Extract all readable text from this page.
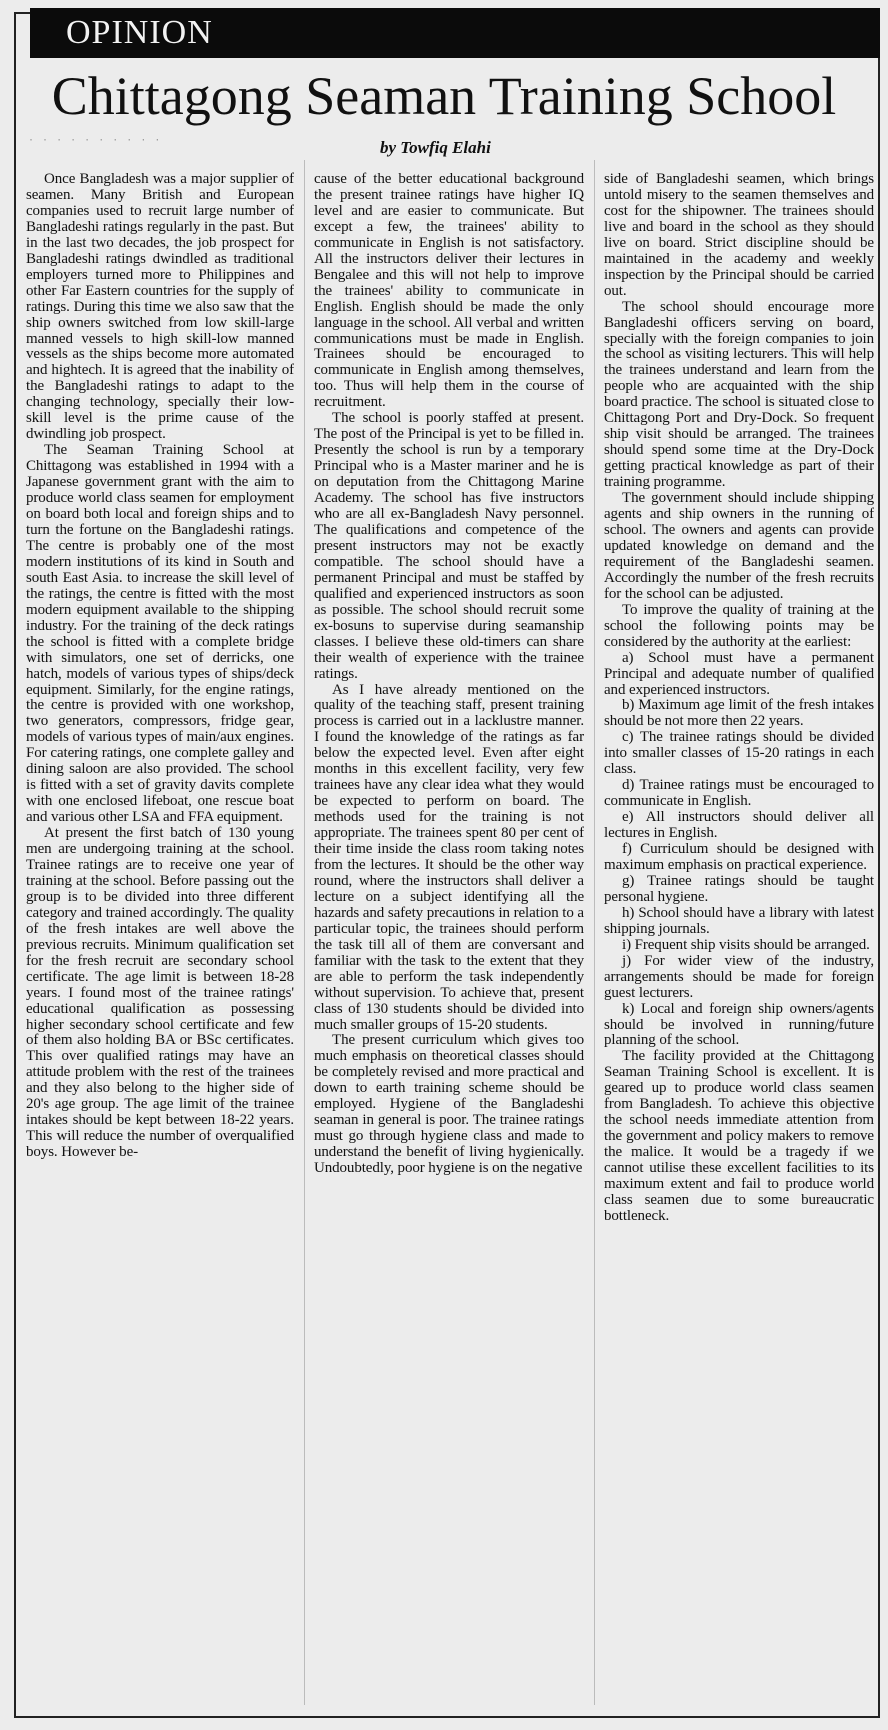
OPINION
Chittagong Seaman Training School
· · · · · · · · · ·	by Towfiq Elahi

Once Bangladesh was a major supplier of seamen. Many British and European companies used to recruit large number of Bangladeshi ratings regularly in the past. But in the last two decades, the job prospect for Bangladeshi ratings dwindled as traditional employers turned more to Philippines and other Far Eastern countries for the supply of ratings. During this time we also saw that the ship owners switched from low skill-large manned vessels to high skill-low manned vessels as the ships become more automated and hightech. It is agreed that the inability of the Bangladeshi ratings to adapt to the changing technology, specially their low-skill level is the prime cause of the dwindling job prospect.

The Seaman Training School at Chittagong was established in 1994 with a Japanese government grant with the aim to produce world class seamen for employment on board both local and foreign ships and to turn the fortune on the Bangladeshi ratings. The centre is probably one of the most modern institutions of its kind in South and south East Asia. to increase the skill level of the ratings, the centre is fitted with the most modern equipment available to the shipping industry. For the training of the deck ratings the school is fitted with a complete bridge with simulators, one set of derricks, one hatch, models of various types of ships/deck equipment. Similarly, for the engine ratings, the centre is provided with one workshop, two generators, compressors, fridge gear, models of various types of main/aux engines. For catering ratings, one complete galley and dining saloon are also provided. The school is fitted with a set of gravity davits complete with one enclosed lifeboat, one rescue boat and various other LSA and FFA equipment.

At present the first batch of 130 young men are undergoing training at the school. Trainee ratings are to receive one year of training at the school. Before passing out the group is to be divided into three different category and trained accordingly. The quality of the fresh intakes are well above the previous recruits. Minimum qualification set for the fresh recruit are secondary school certificate. The age limit is between 18-28 years. I found most of the trainee ratings' educational qualification as possessing higher secondary school certificate and few of them also holding BA or BSc certificates. This over qualified ratings may have an attitude problem with the rest of the trainees and they also belong to the higher side of 20's age group. The age limit of the trainee intakes should be kept between 18-22 years. This will reduce the number of overqualified boys. However be-

cause of the better educational background the present trainee ratings have higher IQ level and are easier to communicate. But except a few, the trainees' ability to communicate in English is not satisfactory. All the instructors deliver their lectures in Bengalee and this will not help to improve the trainees' ability to communicate in English. English should be made the only language in the school. All verbal and written communications must be made in English. Trainees should be encouraged to communicate in English among themselves, too. Thus will help them in the course of recruitment.

The school is poorly staffed at present. The post of the Principal is yet to be filled in. Presently the school is run by a temporary Principal who is a Master mariner and he is on deputation from the Chittagong Marine Academy. The school has five instructors who are all ex-Bangladesh Navy personnel. The qualifications and competence of the present instructors may not be exactly compatible. The school should have a permanent Principal and must be staffed by qualified and experienced instructors as soon as possible. The school should recruit some ex-bosuns to supervise during seamanship classes. I believe these old-timers can share their wealth of experience with the trainee ratings.

As I have already mentioned on the quality of the teaching staff, present training process is carried out in a lacklustre manner. I found the knowledge of the ratings as far below the expected level. Even after eight months in this excellent facility, very few trainees have any clear idea what they would be expected to perform on board. The methods used for the training is not appropriate. The trainees spent 80 per cent of their time inside the class room taking notes from the lectures. It should be the other way round, where the instructors shall deliver a lecture on a subject identifying all the hazards and safety precautions in relation to a particular topic, the trainees should perform the task till all of them are conversant and familiar with the task to the extent that they are able to perform the task independently without supervision. To achieve that, present class of 130 students should be divided into much smaller groups of 15-20 students.

The present curriculum which gives too much emphasis on theoretical classes should be completely revised and more practical and down to earth training scheme should be employed. Hygiene of the Bangladeshi seaman in general is poor. The trainee ratings must go through hygiene class and made to understand the benefit of living hygienically. Undoubtedly, poor hygiene is on the negative

side of Bangladeshi seamen, which brings untold misery to the seamen themselves and cost for the shipowner. The trainees should live and board in the school as they should live on board. Strict discipline should be maintained in the academy and weekly inspection by the Principal should be carried out.

The school should encourage more Bangladeshi officers serving on board, specially with the foreign companies to join the school as visiting lecturers. This will help the trainees understand and learn from the people who are acquainted with the ship board practice. The school is situated close to Chittagong Port and Dry-Dock. So frequent ship visit should be arranged. The trainees should spend some time at the Dry-Dock getting practical knowledge as part of their training programme.

The government should include shipping agents and ship owners in the running of school. The owners and agents can provide updated knowledge on demand and the requirement of the Bangladeshi seamen. Accordingly the number of the fresh recruits for the school can be adjusted.

To improve the quality of training at the school the following points may be considered by the authority at the earliest:

a) School must have a permanent Principal and adequate number of qualified and experienced instructors.

b) Maximum age limit of the fresh intakes should be not more then 22 years.

c) The trainee ratings should be divided into smaller classes of 15-20 ratings in each class.

d) Trainee ratings must be encouraged to communicate in English.

e) All instructors should deliver all lectures in English.

f) Curriculum should be designed with maximum emphasis on practical experience.

g) Trainee ratings should be taught personal hygiene.

h) School should have a library with latest shipping journals.

i) Frequent ship visits should be arranged.

j) For wider view of the industry, arrangements should be made for foreign guest lecturers.

k) Local and foreign ship owners/agents should be involved in running/future planning of the school.

The facility provided at the Chittagong Seaman Training School is excellent. It is geared up to produce world class seamen from Bangladesh. To achieve this objective the school needs immediate attention from the government and policy makers to remove the malice. It would be a tragedy if we cannot utilise these excellent facilities to its maximum extent and fail to produce world class seamen due to some bureaucratic bottleneck.
